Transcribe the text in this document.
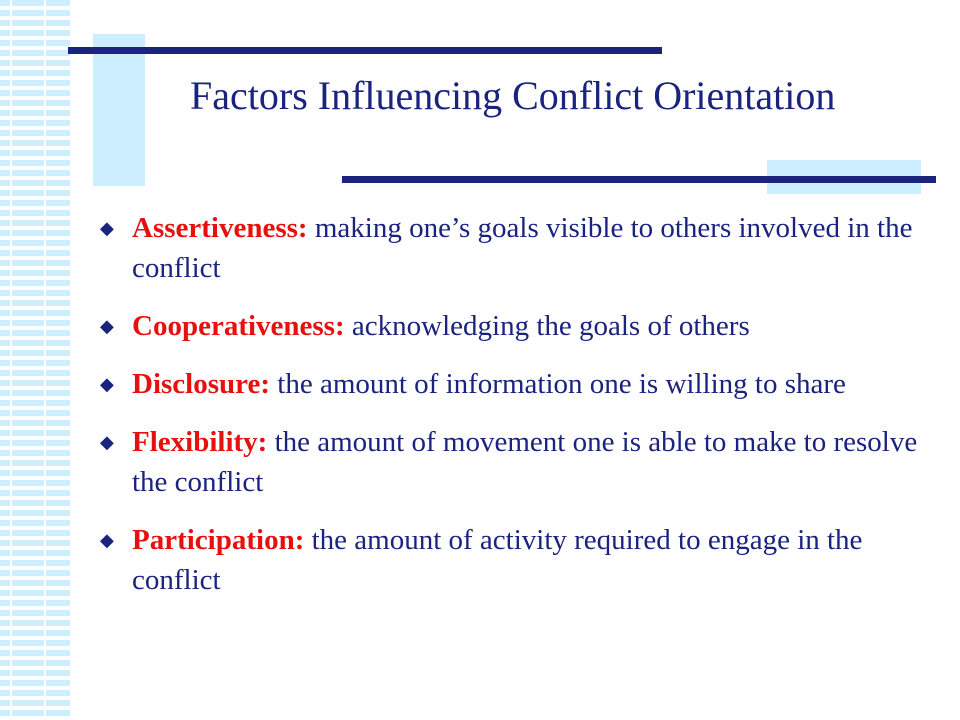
Factors Influencing Conflict Orientation
◆ Assertiveness: making one’s goals visible to others involved in the conflict
◆ Cooperativeness: acknowledging the goals of others
◆ Disclosure: the amount of information one is willing to share
◆ Flexibility: the amount of movement one is able to make to resolve the conflict
◆ Participation: the amount of activity required to engage in the conflict
